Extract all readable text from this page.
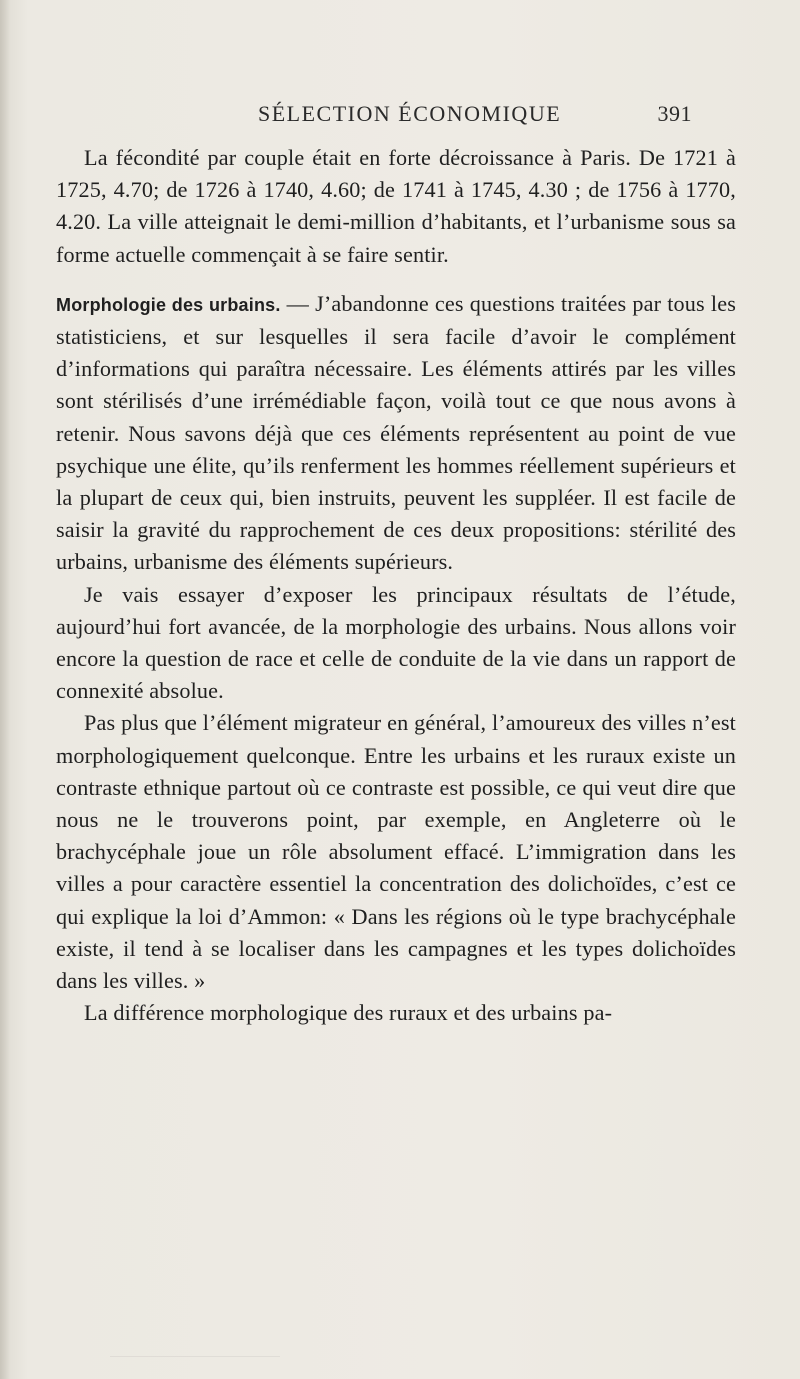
SÉLECTION ÉCONOMIQUE	391

La fécondité par couple était en forte décroissance à Paris. De 1721 à 1725, 4.70; de 1726 à 1740, 4.60; de 1741 à 1745, 4.30 ; de 1756 à 1770, 4.20. La ville atteignait le demi-million d’habitants, et l’urbanisme sous sa forme actuelle commençait à se faire sentir.

Morphologie des urbains. — J’abandonne ces questions traitées par tous les statisticiens, et sur lesquelles il sera facile d’avoir le complément d’informations qui paraîtra nécessaire. Les éléments attirés par les villes sont stérilisés d’une irrémédiable façon, voilà tout ce que nous avons à retenir. Nous savons déjà que ces éléments représentent au point de vue psychique une élite, qu’ils renferment les hommes réellement supérieurs et la plupart de ceux qui, bien instruits, peuvent les suppléer. Il est facile de saisir la gravité du rapprochement de ces deux propositions: stérilité des urbains, urbanisme des éléments supérieurs.

Je vais essayer d’exposer les principaux résultats de l’étude, aujourd’hui fort avancée, de la morphologie des urbains. Nous allons voir encore la question de race et celle de conduite de la vie dans un rapport de connexité absolue.

Pas plus que l’élément migrateur en général, l’amoureux des villes n’est morphologiquement quelconque. Entre les urbains et les ruraux existe un contraste ethnique partout où ce contraste est possible, ce qui veut dire que nous ne le trouverons point, par exemple, en Angleterre où le brachycéphale joue un rôle absolument effacé. L’immigration dans les villes a pour caractère essentiel la concentration des dolichoïdes, c’est ce qui explique la loi d’Ammon: « Dans les régions où le type brachycéphale existe, il tend à se localiser dans les campagnes et les types dolichoïdes dans les villes. »

La différence morphologique des ruraux et des urbains pa-
